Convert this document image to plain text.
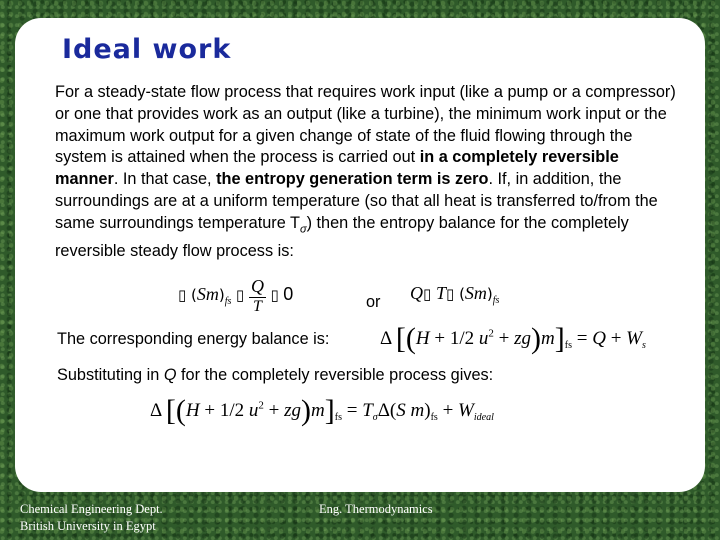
Ideal work
For a steady-state flow process that requires work input (like a pump or a compressor) or one that provides work as an output (like a turbine), the minimum work input or the maximum work output for a given change of state of the fluid flowing through the system is attained when the process is carried out in a completely reversible manner. In that case, the entropy generation term is zero. If, in addition, the surroundings are at a uniform temperature (so that all heat is transferred to/from the same surroundings temperature $T_\sigma$) then the entropy balance for the completely reversible steady flow process is:
▯ $(Sm)_{fs}$ ▯ $\frac{Q}{T}$ ▯ 0	or Q▯ T▯ $(Sm)_{fs}$
The corresponding energy balance is:	Δ [(H + 1/2 $u^2 + zg)m]_{fs} = Q + W_s$
Substituting in Q for the completely reversible process gives:
Δ [(H + 1/2 $u^2 + zg)m]_{fs} = T_\sigma\Delta(S$ $m)_{fs} + W_{ideal}$
Chemical Engineering Dept.
British University in Egypt
Eng. Thermodynamics
